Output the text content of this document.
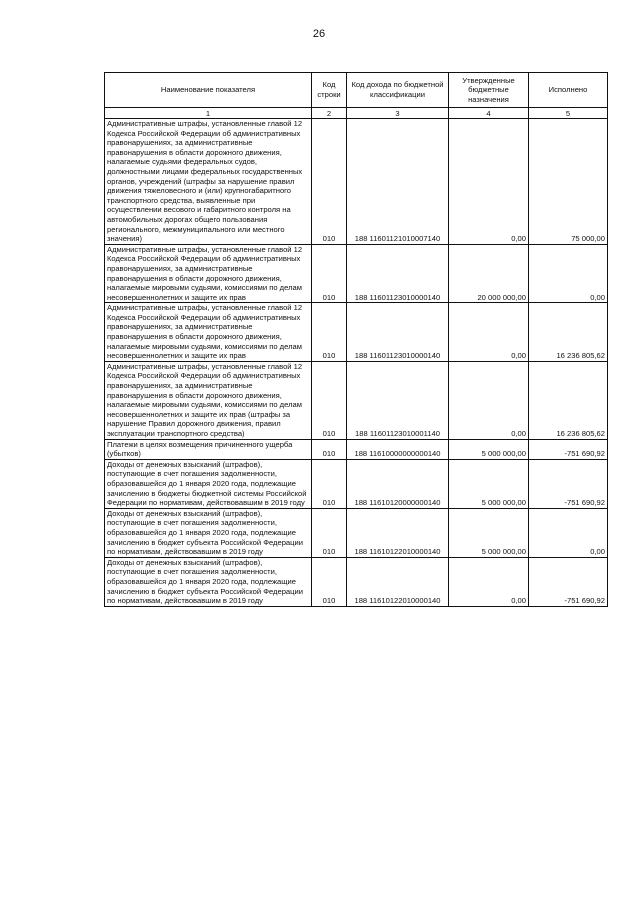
26
Наименование показателя	Код строки	Код дохода по бюджетной классификации	Утвержденные бюджетные назначения	Исполнено
1	2	3	4	5
Административные штрафы, установленные главой 12 Кодекса Российской Федерации об административных правонарушениях, за административные правонарушения в области дорожного движения, налагаемые судьями федеральных судов, должностными лицами федеральных государственных органов, учреждений (штрафы за нарушение правил движения тяжеловесного и (или) крупногабаритного транспортного средства, выявленные при осуществлении весового и габаритного контроля на автомобильных дорогах общего пользования регионального, межмуниципального или местного значения)	010	188 11601121010007140	0,00	75 000,00
Административные штрафы, установленные главой 12 Кодекса Российской Федерации об административных правонарушениях, за административные правонарушения в области дорожного движения, налагаемые мировыми судьями, комиссиями по делам несовершеннолетних и защите их прав	010	188 11601123010000140	20 000 000,00	0,00
Административные штрафы, установленные главой 12 Кодекса Российской Федерации об административных правонарушениях, за административные правонарушения в области дорожного движения, налагаемые мировыми судьями, комиссиями по делам несовершеннолетних и защите их прав	010	188 11601123010000140	0,00	16 236 805,62
Административные штрафы, установленные главой 12 Кодекса Российской Федерации об административных правонарушениях, за административные правонарушения в области дорожного движения, налагаемые мировыми судьями, комиссиями по делам несовершеннолетних и защите их прав (штрафы за нарушение Правил дорожного движения, правил эксплуатации транспортного средства)	010	188 11601123010001140	0,00	16 236 805,62
Платежи в целях возмещения причиненного ущерба (убытков)	010	188 11610000000000140	5 000 000,00	-751 690,92
Доходы от денежных взысканий (штрафов), поступающие в счет погашения задолженности, образовавшейся до 1 января 2020 года, подлежащие зачислению в бюджеты бюджетной системы Российской Федерации по нормативам, действовавшим в 2019 году	010	188 11610120000000140	5 000 000,00	-751 690,92
Доходы от денежных взысканий (штрафов), поступающие в счет погашения задолженности, образовавшейся до 1 января 2020 года, подлежащие зачислению в бюджет субъекта Российской Федерации по нормативам, действовавшим в 2019 году	010	188 11610122010000140	5 000 000,00	0,00
Доходы от денежных взысканий (штрафов), поступающие в счет погашения задолженности, образовавшейся до 1 января 2020 года, подлежащие зачислению в бюджет субъекта Российской Федерации по нормативам, действовавшим в 2019 году	010	188 11610122010000140	0,00	-751 690,92
